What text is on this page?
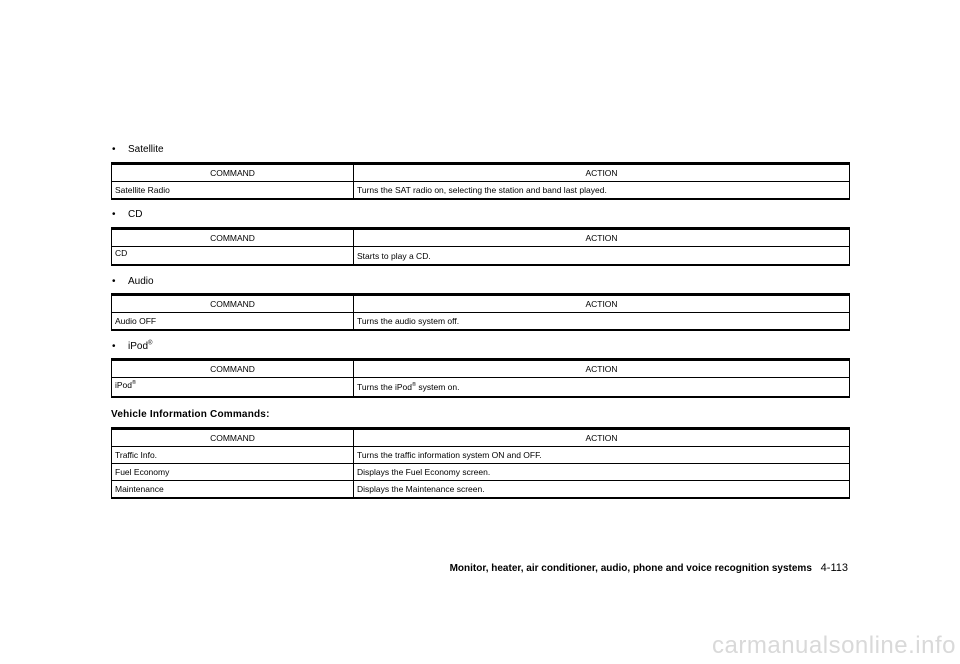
•	Satellite
COMMAND	ACTION
Satellite Radio	Turns the SAT radio on, selecting the station and band last played.
•	CD
COMMAND	ACTION
CD	Starts to play a CD.
•	Audio
COMMAND	ACTION
Audio OFF	Turns the audio system off.
•	iPod®
COMMAND	ACTION
iPod®	Turns the iPod® system on.
Vehicle Information Commands:
COMMAND	ACTION
Traffic Info.	Turns the traffic information system ON and OFF.
Fuel Economy	Displays the Fuel Economy screen.
Maintenance	Displays the Maintenance screen.
Monitor, heater, air conditioner, audio, phone and voice recognition systems 4-113
carmanualsonline.info
